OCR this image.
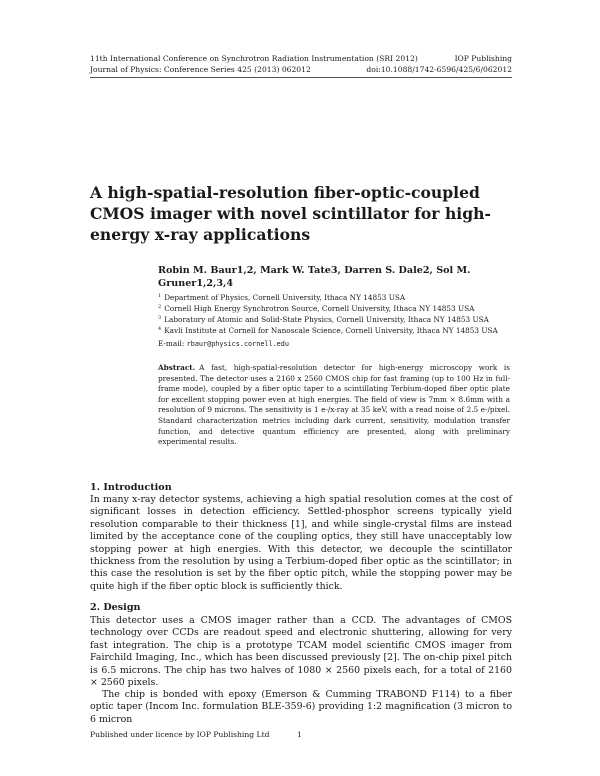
11th International Conference on Synchrotron Radiation Instrumentation (SRI 2012)	IOP Publishing
Journal of Physics: Conference Series 425 (2013) 062012	doi:10.1088/1742-6596/425/6/062012
A high-spatial-resolution fiber-optic-coupled CMOS imager with novel scintillator for high-energy x-ray applications
Robin M. Baur1,2, Mark W. Tate3, Darren S. Dale2, Sol M. Gruner1,2,3,4
$^1$ Department of Physics, Cornell University, Ithaca NY 14853 USA
$^2$ Cornell High Energy Synchrotron Source, Cornell University, Ithaca NY 14853 USA
$^3$ Laboratory of Atomic and Solid-State Physics, Cornell University, Ithaca NY 14853 USA
$^4$ Kavli Institute at Cornell for Nanoscale Science, Cornell University, Ithaca NY 14853 USA
E-mail: rbaur@physics.cornell.edu
Abstract. A fast, high-spatial-resolution detector for high-energy microscopy work is presented. The detector uses a 2160 x 2560 CMOS chip for fast framing (up to 100 Hz in full-frame mode), coupled by a fiber optic taper to a scintillating Terbium-doped fiber optic plate for excellent stopping power even at high energies. The field of view is 7mm × 8.6mm with a resolution of 9 microns. The sensitivity is 1 e-/x-ray at 35 keV, with a read noise of 2.5 e-/pixel. Standard characterization metrics including dark current, sensitivity, modulation transfer function, and detective quantum efficiency are presented, along with preliminary experimental results.
1. Introduction
In many x-ray detector systems, achieving a high spatial resolution comes at the cost of significant losses in detection efficiency. Settled-phosphor screens typically yield resolution comparable to their thickness [1], and while single-crystal films are instead limited by the acceptance cone of the coupling optics, they still have unacceptably low stopping power at high energies. With this detector, we decouple the scintillator thickness from the resolution by using a Terbium-doped fiber optic as the scintillator; in this case the resolution is set by the fiber optic pitch, while the stopping power may be quite high if the fiber optic block is sufficiently thick.
2. Design
This detector uses a CMOS imager rather than a CCD. The advantages of CMOS technology over CCDs are readout speed and electronic shuttering, allowing for very fast integration. The chip is a prototype TCAM model scientific CMOS imager from Fairchild Imaging, Inc., which has been discussed previously [2]. The on-chip pixel pitch is 6.5 microns. The chip has two halves of 1080 × 2560 pixels each, for a total of 2160 × 2560 pixels.
The chip is bonded with epoxy (Emerson & Cumming TRABOND F114) to a fiber optic taper (Incom Inc. formulation BLE-359-6) providing 1:2 magnification (3 micron to 6 micron
Published under licence by IOP Publishing Ltd	1
